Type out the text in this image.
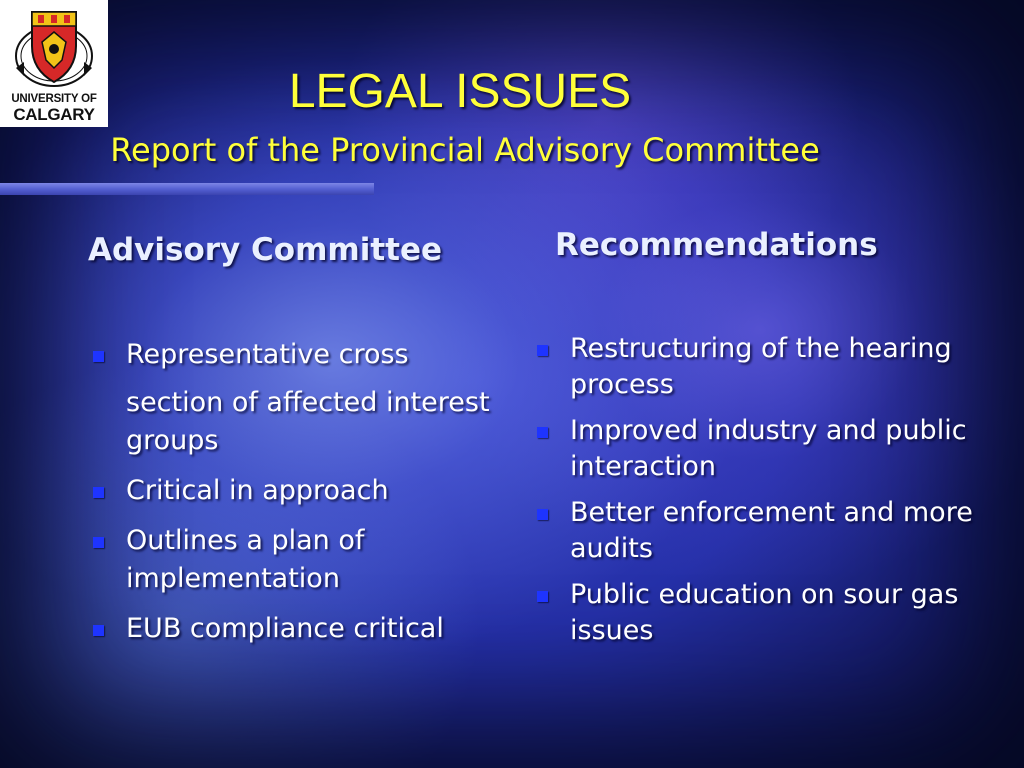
UNIVERSITY OF
CALGARY	LEGAL ISSUES
Report of the Provincial Advisory Committee
Advisory Committee	Recommendations
Representative cross
section of affected interest groups
Critical in approach
Outlines a plan of implementation
EUB compliance critical
Restructuring of the hearing process
Improved industry and public interaction
Better enforcement and more audits
Public education on sour gas issues
